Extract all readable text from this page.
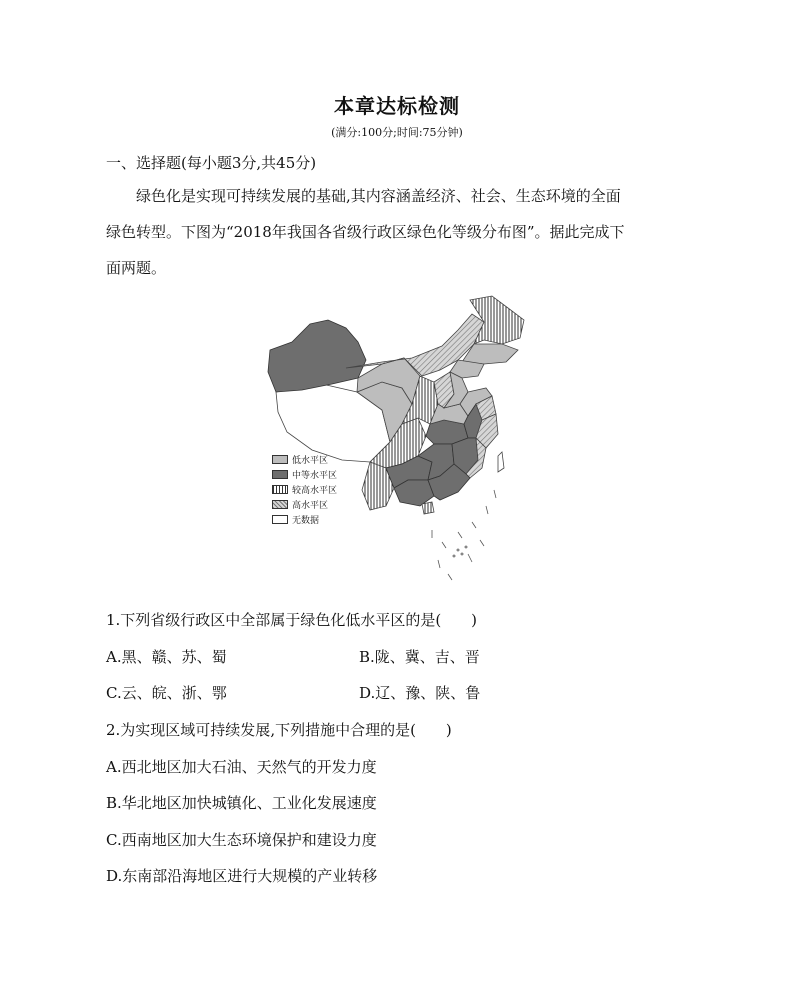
本章达标检测
(满分:100分;时间:75分钟)
一、选择题(每小题3分,共45分)
绿色化是实现可持续发展的基础,其内容涵盖经济、社会、生态环境的全面
绿色转型。下图为“2018年我国各省级行政区绿色化等级分布图”。据此完成下
面两题。
低水平区
中等水平区
较高水平区
高水平区
无数据
1.下列省级行政区中全部属于绿色化低水平区的是(　　)
A.黑、赣、苏、蜀	B.陇、冀、吉、晋
C.云、皖、浙、鄂	D.辽、豫、陕、鲁
2.为实现区域可持续发展,下列措施中合理的是(　　)
A.西北地区加大石油、天然气的开发力度
B.华北地区加快城镇化、工业化发展速度
C.西南地区加大生态环境保护和建设力度
D.东南部沿海地区进行大规模的产业转移
